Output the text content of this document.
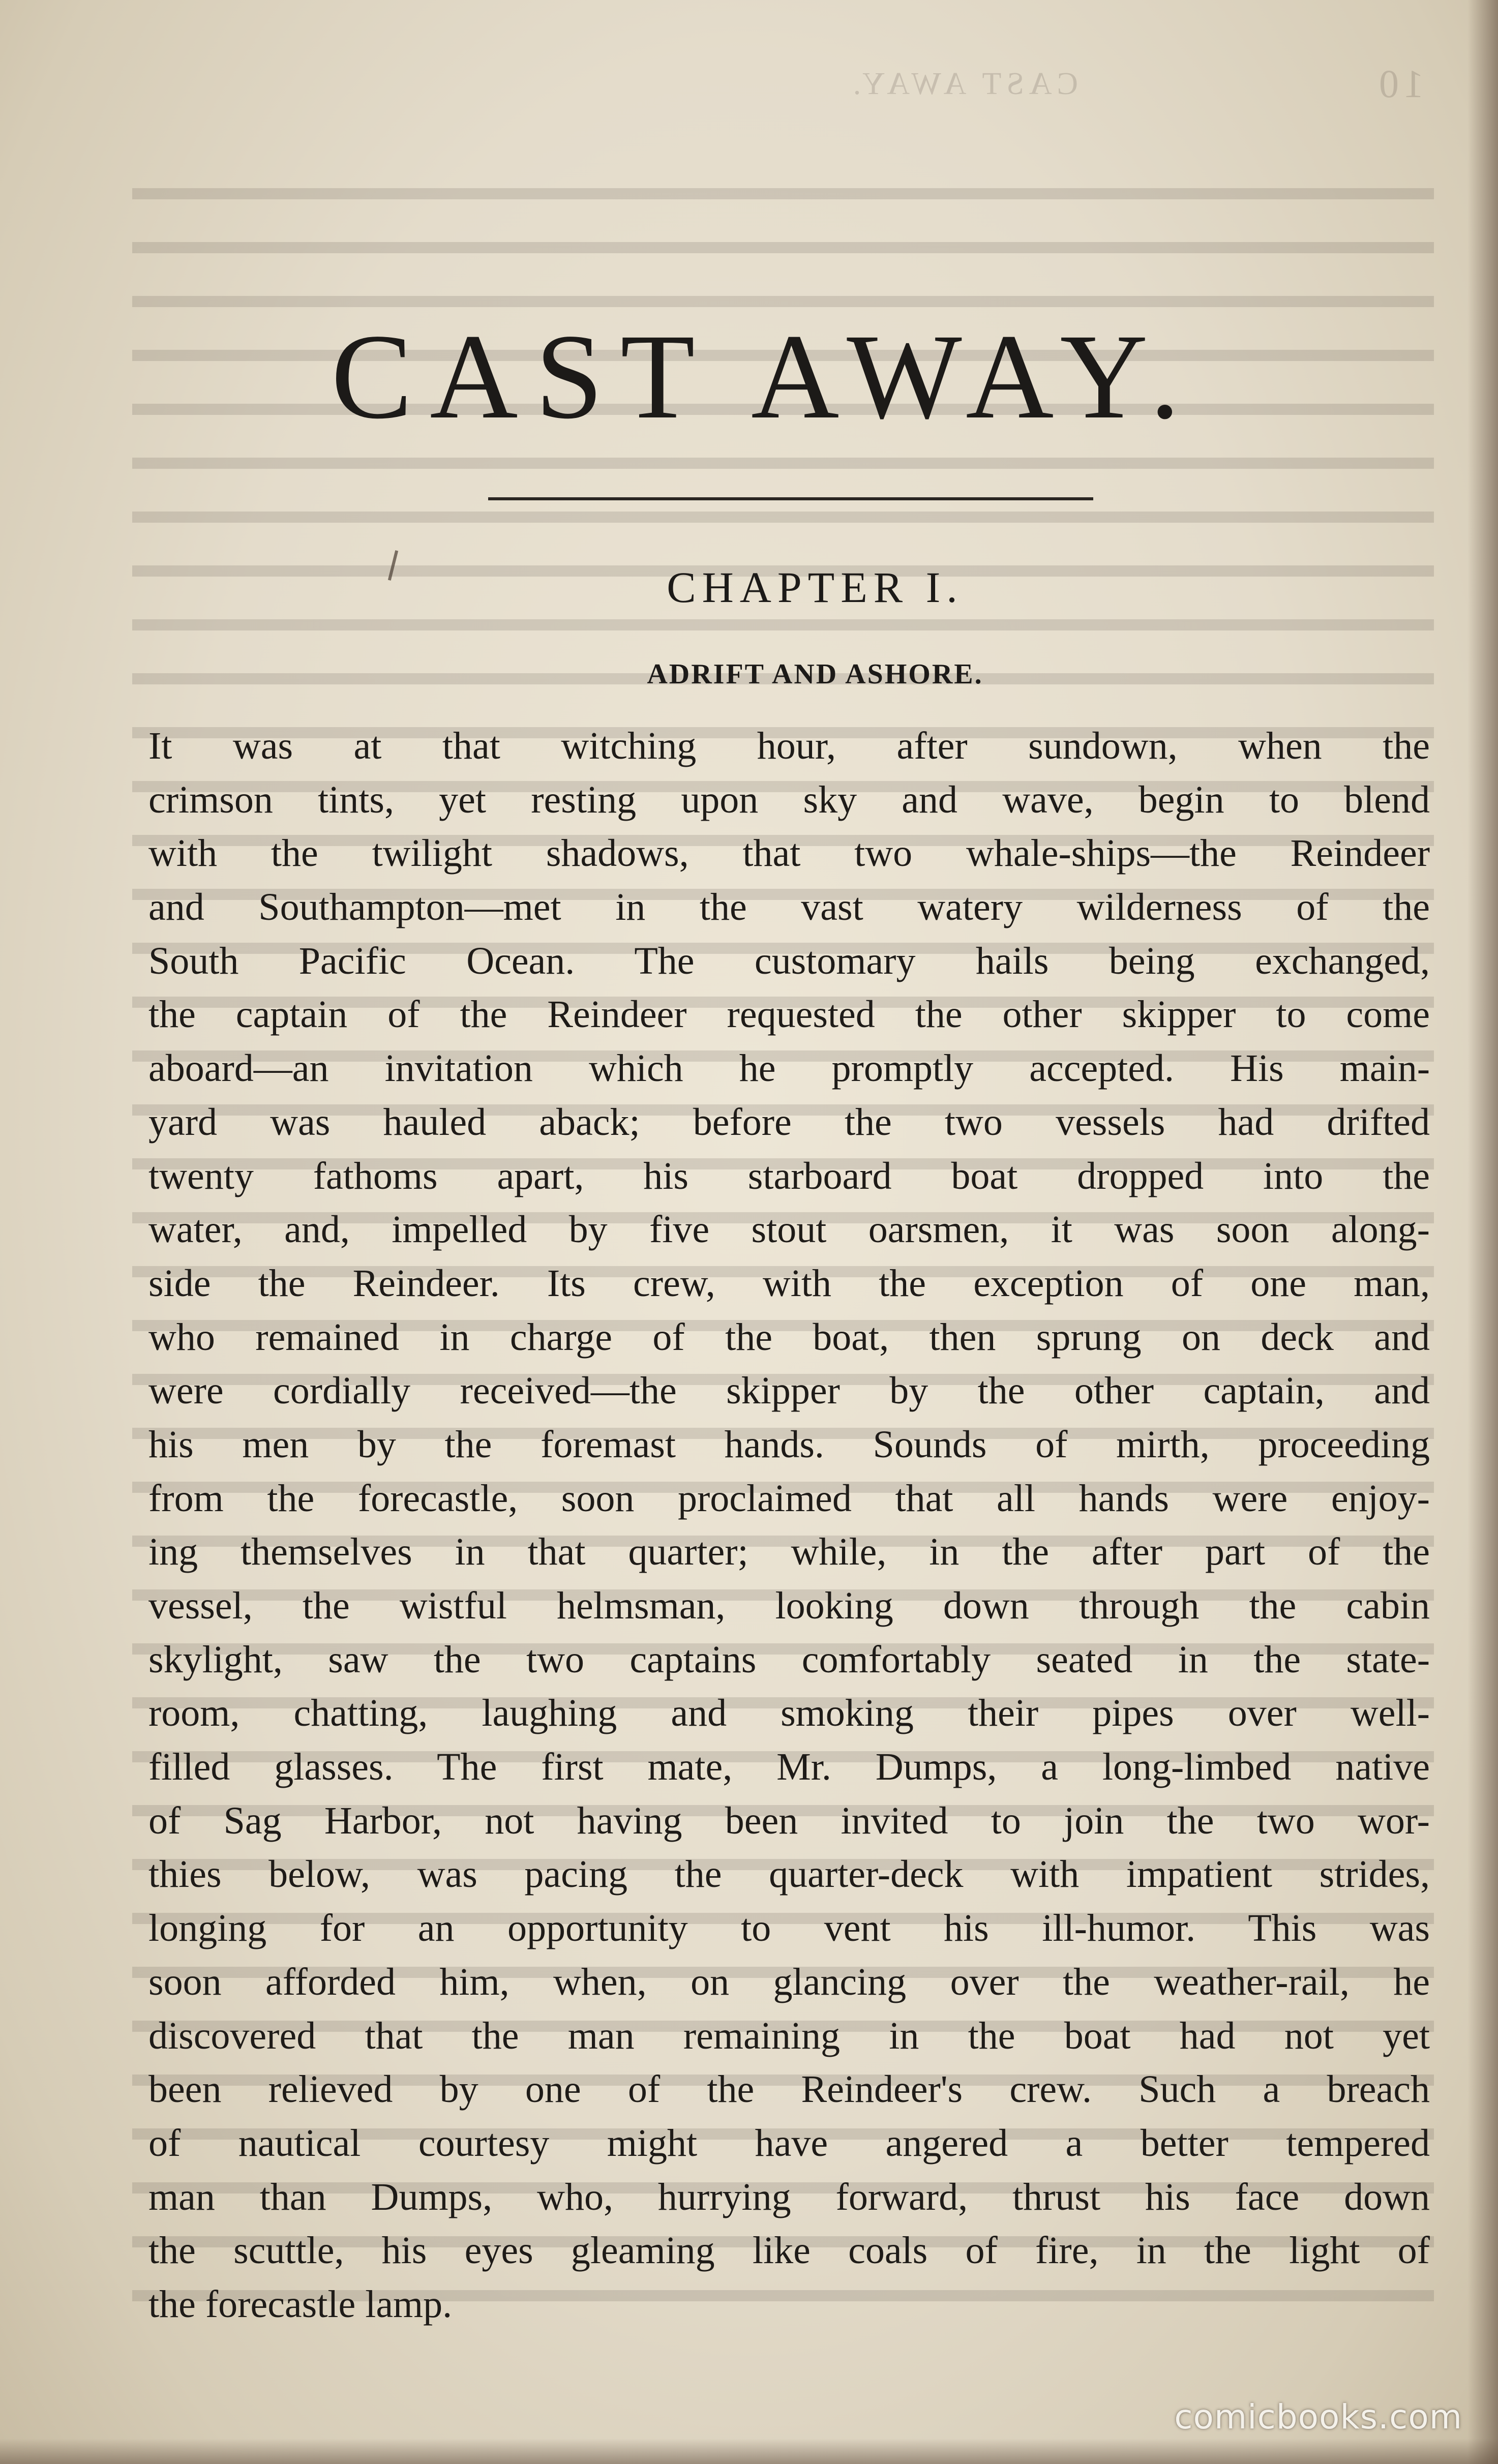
10
CAST AWAY.
CAST AWAY.
CHAPTER I.
ADRIFT AND ASHORE.
It was at that witching hour, after sundown, when the
crimson tints, yet resting upon sky and wave, begin to blend
with the twilight shadows, that two whale-ships—the Reindeer
and Southampton—met in the vast watery wilderness of the
South Pacific Ocean. The customary hails being exchanged,
the captain of the Reindeer requested the other skipper to come
aboard—an invitation which he promptly accepted. His main-
yard was hauled aback; before the two vessels had drifted
twenty fathoms apart, his starboard boat dropped into the
water, and, impelled by five stout oarsmen, it was soon along-
side the Reindeer. Its crew, with the exception of one man,
who remained in charge of the boat, then sprung on deck and
were cordially received—the skipper by the other captain, and
his men by the foremast hands. Sounds of mirth, proceeding
from the forecastle, soon proclaimed that all hands were enjoy-
ing themselves in that quarter; while, in the after part of the
vessel, the wistful helmsman, looking down through the cabin
skylight, saw the two captains comfortably seated in the state-
room, chatting, laughing and smoking their pipes over well-
filled glasses. The first mate, Mr. Dumps, a long-limbed native
of Sag Harbor, not having been invited to join the two wor-
thies below, was pacing the quarter-deck with impatient strides,
longing for an opportunity to vent his ill-humor. This was
soon afforded him, when, on glancing over the weather-rail, he
discovered that the man remaining in the boat had not yet
been relieved by one of the Reindeer's crew. Such a breach
of nautical courtesy might have angered a better tempered
man than Dumps, who, hurrying forward, thrust his face down
the scuttle, his eyes gleaming like coals of fire, in the light of
the forecastle lamp.
comicbooks.com
